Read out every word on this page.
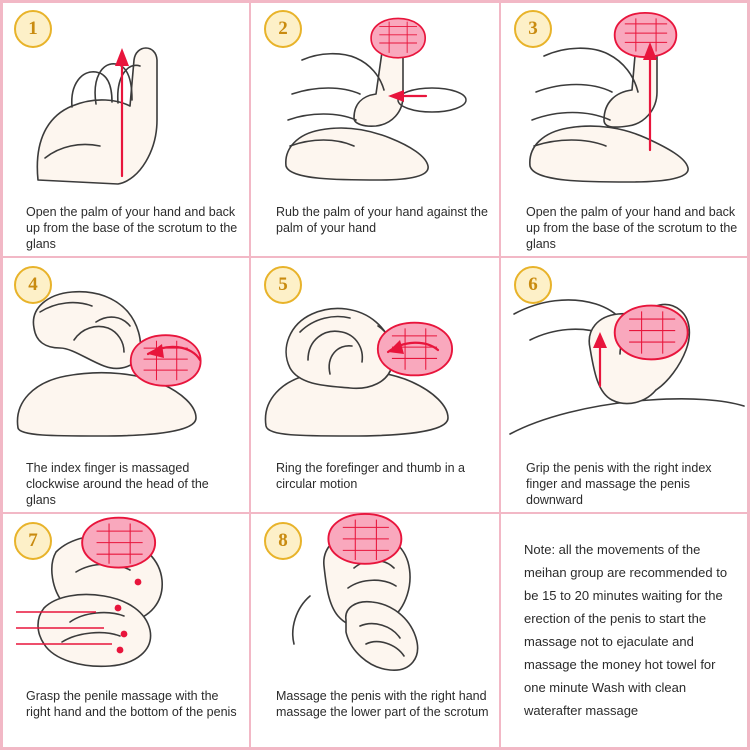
1
Open the palm of your hand and back up from the base of the scrotum to the glans
2
Rub the palm of your hand against the palm of your hand
3
Open the palm of your hand and back up from the base of the scrotum to the glans
4
The index finger is massaged clockwise around the head of the glans
5
Ring the forefinger and thumb in a circular motion
6
Grip the penis with the right index finger and massage the penis downward
7
Grasp the penile massage with the right hand and the bottom of the penis
8
Massage the penis with the right hand massage the lower part of the scrotum
Note: all the movements of the meihan group are recommended to be 15 to 20 minutes waiting for the erection of the penis to start the massage not to ejaculate and massage the money hot towel for one minute Wash with clean waterafter massage
